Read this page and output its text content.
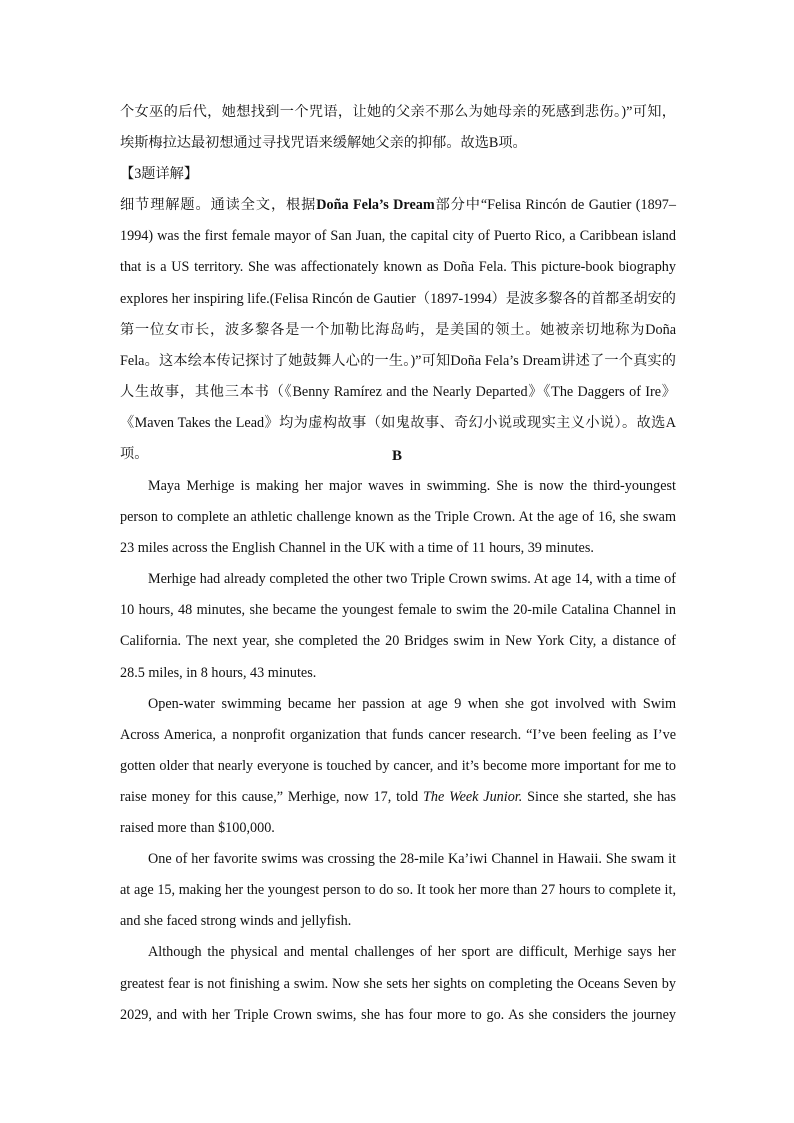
个女巫的后代，她想找到一个咒语，让她的父亲不那么为她母亲的死感到悲伤。)”可知，埃斯梅拉达最初想通过寻找咒语来缓解她父亲的抑郁。故选B项。

【3题详解】

细节理解题。通读全文，根据Doña Fela’s Dream部分中“Felisa Rincón de Gautier (1897–1994) was the first female mayor of San Juan, the capital city of Puerto Rico, a Caribbean island that is a US territory. She was affectionately known as Doña Fela. This picture-book biography explores her inspiring life.(Felisa Rincón de Gautier（1897-1994）是波多黎各的首都圣胡安的第一位女市长，波多黎各是一个加勒比海岛屿，是美国的领土。她被亲切地称为Doña Fela。这本绘本传记探讨了她鼓舞人心的一生。)”可知Doña Fela’s Dream讲述了一个真实的人生故事，其他三本书（《Benny Ramírez and the Nearly Departed》《The Daggers of Ire》《Maven Takes the Lead》均为虚构故事（如鬼故事、奇幻小说或现实主义小说）。故选A项。	B

Maya Merhige is making her major waves in swimming. She is now the third-youngest person to complete an athletic challenge known as the Triple Crown. At the age of 16, she swam 23 miles across the English Channel in the UK with a time of 11 hours, 39 minutes.

Merhige had already completed the other two Triple Crown swims. At age 14, with a time of 10 hours, 48 minutes, she became the youngest female to swim the 20-mile Catalina Channel in California. The next year, she completed the 20 Bridges swim in New York City, a distance of 28.5 miles, in 8 hours, 43 minutes.

Open-water swimming became her passion at age 9 when she got involved with Swim Across America, a nonprofit organization that funds cancer research. “I’ve been feeling as I’ve gotten older that nearly everyone is touched by cancer, and it’s become more important for me to raise money for this cause,” Merhige, now 17, told The Week Junior. Since she started, she has raised more than $100,000.

One of her favorite swims was crossing the 28-mile Ka’iwi Channel in Hawaii. She swam it at age 15, making her the youngest person to do so. It took her more than 27 hours to complete it, and she faced strong winds and jellyfish.

Although the physical and mental challenges of her sport are difficult, Merhige says her greatest fear is not finishing a swim. Now she sets her sights on completing the Oceans Seven by 2029, and with her Triple Crown swims, she has four more to go. As she considers the journey
